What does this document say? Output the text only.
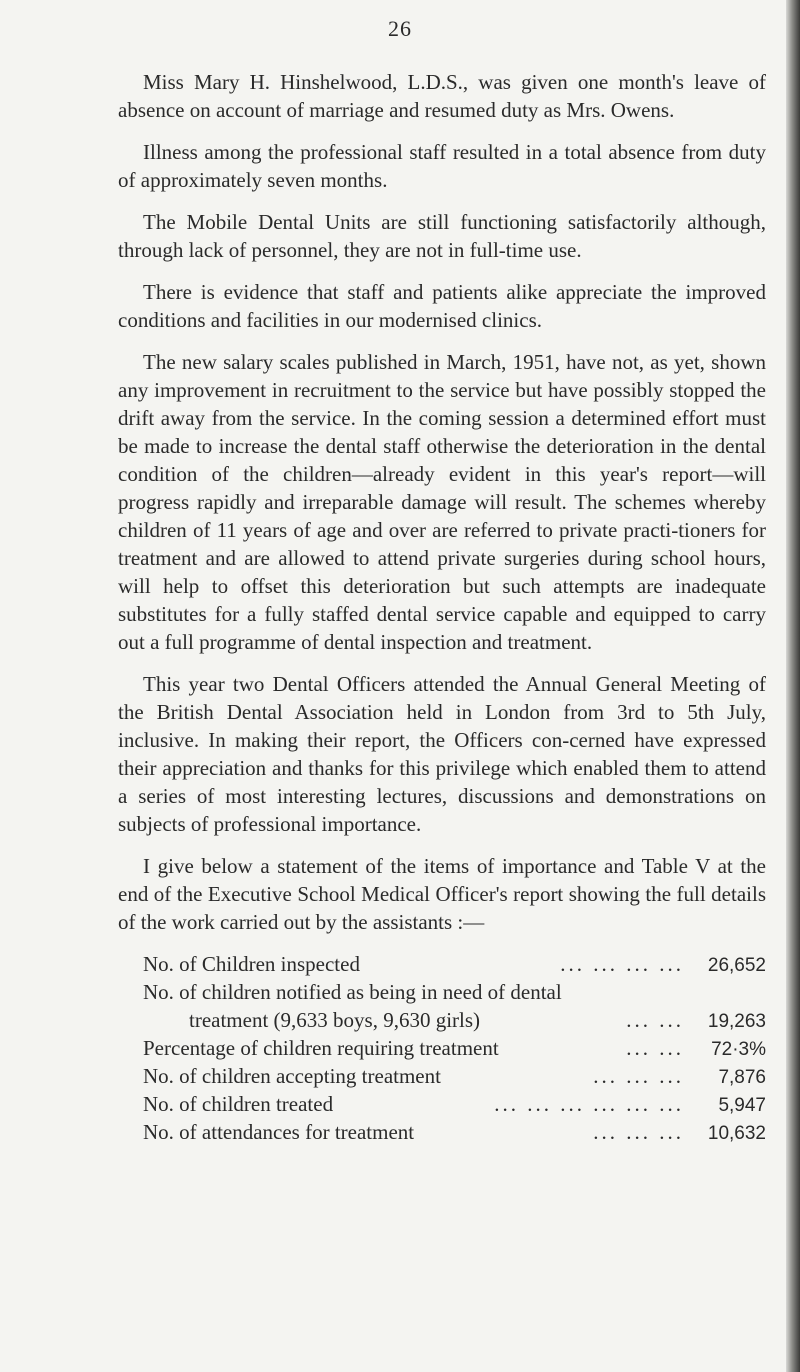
26

Miss Mary H. Hinshelwood, L.D.S., was given one month's leave of absence on account of marriage and resumed duty as Mrs. Owens.

Illness among the professional staff resulted in a total absence from duty of approximately seven months.

The Mobile Dental Units are still functioning satisfactorily although, through lack of personnel, they are not in full-time use.

There is evidence that staff and patients alike appreciate the improved conditions and facilities in our modernised clinics.

The new salary scales published in March, 1951, have not, as yet, shown any improvement in recruitment to the service but have possibly stopped the drift away from the service. In the coming session a determined effort must be made to increase the dental staff otherwise the deterioration in the dental condition of the children—already evident in this year's report—will progress rapidly and irreparable damage will result. The schemes whereby children of 11 years of age and over are referred to private practi-tioners for treatment and are allowed to attend private surgeries during school hours, will help to offset this deterioration but such attempts are inadequate substitutes for a fully staffed dental service capable and equipped to carry out a full programme of dental inspection and treatment.

This year two Dental Officers attended the Annual General Meeting of the British Dental Association held in London from 3rd to 5th July, inclusive. In making their report, the Officers con-cerned have expressed their appreciation and thanks for this privilege which enabled them to attend a series of most interesting lectures, discussions and demonstrations on subjects of professional importance.

I give below a statement of the items of importance and Table V at the end of the Executive School Medical Officer's report showing the full details of the work carried out by the assistants :—

No. of Children inspected	... ... ... ...	26,652
No. of children notified as being in need of dental
treatment (9,633 boys, 9,630 girls)	... ...	19,263
Percentage of children requiring treatment	... ...	72·3%
No. of children accepting treatment	... ... ...	7,876
No. of children treated	... ... ... ... ... ...	5,947
No. of attendances for treatment	... ... ...	10,632
